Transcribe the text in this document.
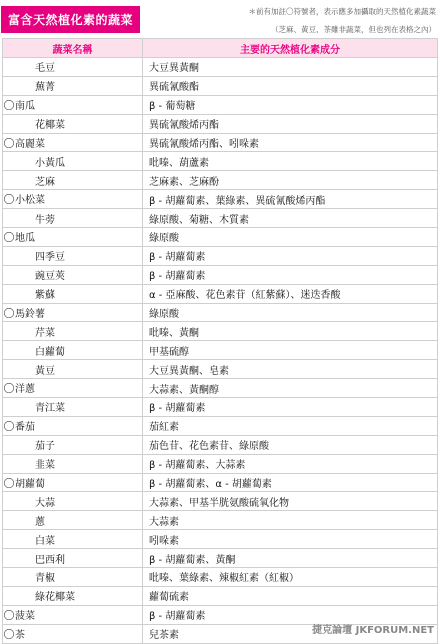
富含天然植化素的蔬菜
＊前有加註〇符號者，表示應多加攝取的天然植化素蔬菜
（芝麻、黃豆、茶雖非蔬菜，但也列在表格之內）
蔬菜名稱	主要的天然植化素成分
毛豆	大豆異黃酮
蕪菁	異硫氰酸酯
〇南瓜	β - 葡萄糖
花椰菜	異硫氰酸烯丙酯
〇高麗菜	異硫氰酸烯丙酯、吲哚素
小黃瓜	吡嗪、葫蘆素
芝麻	芝麻素、芝麻酚
〇小松菜	β - 胡蘿蔔素、葉綠素、異硫氰酸烯丙酯
牛蒡	綠原酸、菊糖、木質素
〇地瓜	綠原酸
四季豆	β - 胡蘿蔔素
豌豆莢	β - 胡蘿蔔素
紫蘇	α - 亞麻酸、花色素苷（紅紫蘇）、迷迭香酸
〇馬鈴薯	綠原酸
芹菜	吡嗪、黃酮
白蘿蔔	甲基硫醇
黃豆	大豆異黃酮、皂素
〇洋蔥	大蒜素、黃酮醇
青江菜	β - 胡蘿蔔素
〇番茄	茄紅素
茄子	茄色苷、花色素苷、綠原酸
韭菜	β - 胡蘿蔔素、大蒜素
〇胡蘿蔔	β - 胡蘿蔔素、α - 胡蘿蔔素
大蒜	大蒜素、甲基半胱氨酸硫氧化物
蔥	大蒜素
白菜	吲哚素
巴西利	β - 胡蘿蔔素、黃酮
青椒	吡嗪、葉綠素、辣椒紅素（紅椒）
綠花椰菜	蘿蔔硫素
〇菠菜	β - 胡蘿蔔素
〇茶	兒茶素	捷克論壇 JKFORUM.NET
